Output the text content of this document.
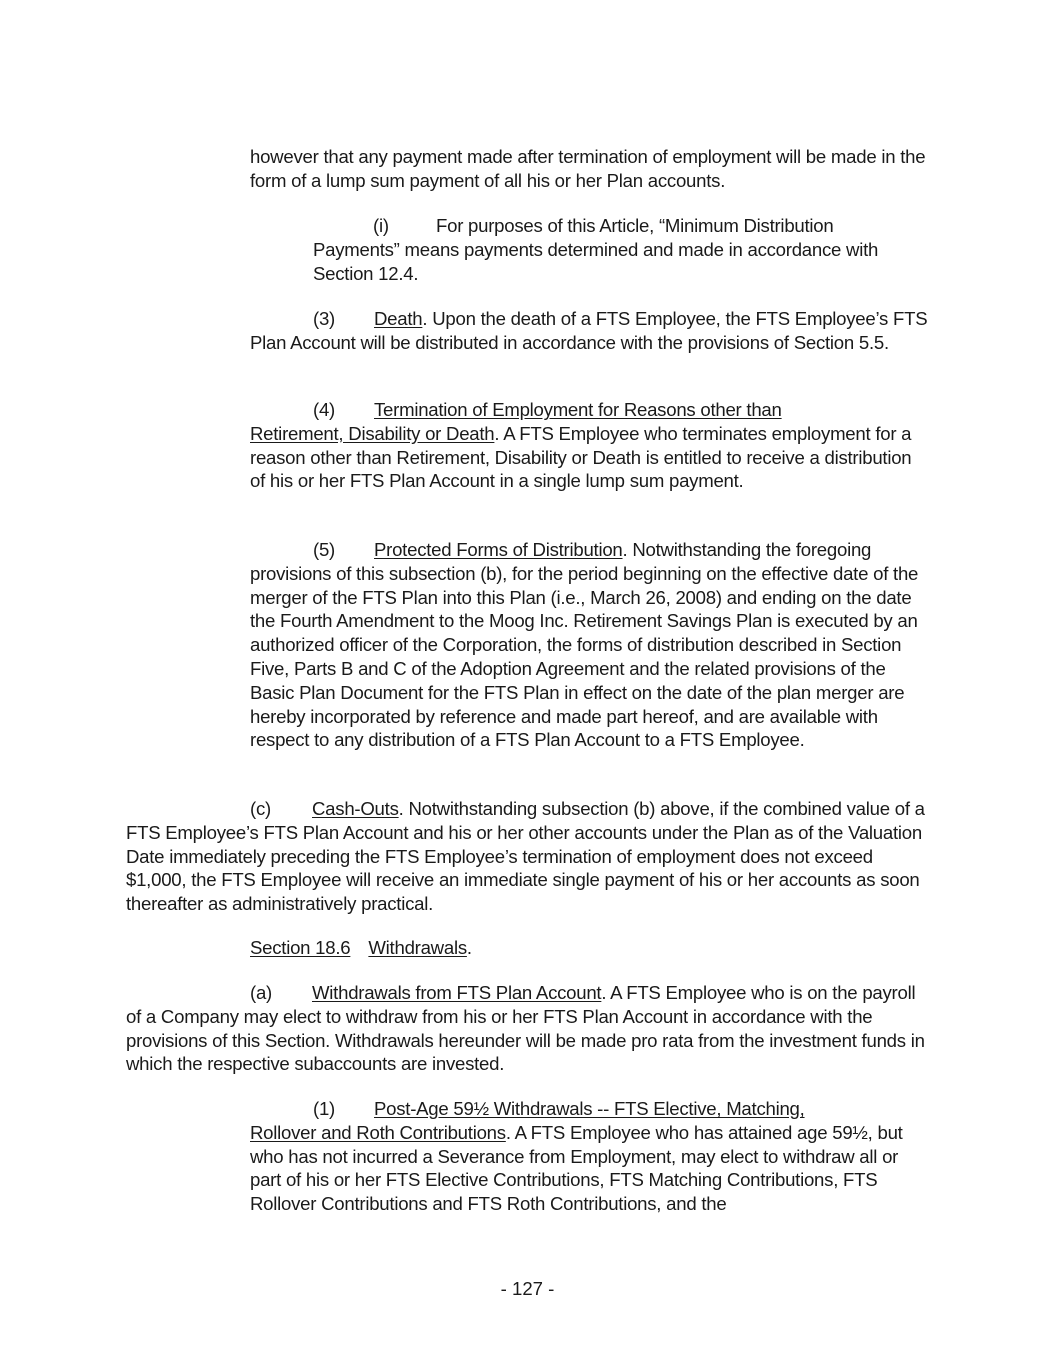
however that any payment made after termination of employment will be made in the form of a lump sum payment of all his or her Plan accounts.

(i)	For purposes of this Article, “Minimum Distribution Payments” means payments determined and made in accordance with Section 12.4.

(3) Death. Upon the death of a FTS Employee, the FTS Employee’s FTS Plan Account will be distributed in accordance with the provisions of Section 5.5.

(4) Termination of Employment for Reasons other than
Retirement, Disability or Death. A FTS Employee who terminates employment for a reason other than Retirement, Disability or Death is entitled to receive a distribution of his or her FTS Plan Account in a single lump sum payment.

(5) Protected Forms of Distribution. Notwithstanding the foregoing provisions of this subsection (b), for the period beginning on the effective date of the merger of the FTS Plan into this Plan (i.e., March 26, 2008) and ending on the date the Fourth Amendment to the Moog Inc. Retirement Savings Plan is executed by an authorized officer of the Corporation, the forms of distribution described in Section Five, Parts B and C of the Adoption Agreement and the related provisions of the Basic Plan Document for the FTS Plan in effect on the date of the plan merger are hereby incorporated by reference and made part hereof, and are available with respect to any distribution of a FTS Plan Account to a FTS Employee.

(c) Cash-Outs. Notwithstanding subsection (b) above, if the combined value of a FTS Employee’s FTS Plan Account and his or her other accounts under the Plan as of the Valuation Date immediately preceding the FTS Employee’s termination of employment does not exceed $1,000, the FTS Employee will receive an immediate single payment of his or her accounts as soon thereafter as administratively practical.

Section 18.6 Withdrawals.

(a) Withdrawals from FTS Plan Account. A FTS Employee who is on the payroll of a Company may elect to withdraw from his or her FTS Plan Account in accordance with the provisions of this Section. Withdrawals hereunder will be made pro rata from the investment funds in which the respective subaccounts are invested.

(1) Post-Age 59½ Withdrawals -- FTS Elective, Matching,
Rollover and Roth Contributions. A FTS Employee who has attained age 59½, but who has not incurred a Severance from Employment, may elect to withdraw all or part of his or her FTS Elective Contributions, FTS Matching Contributions, FTS Rollover Contributions and FTS Roth Contributions, and the

- 127 -
